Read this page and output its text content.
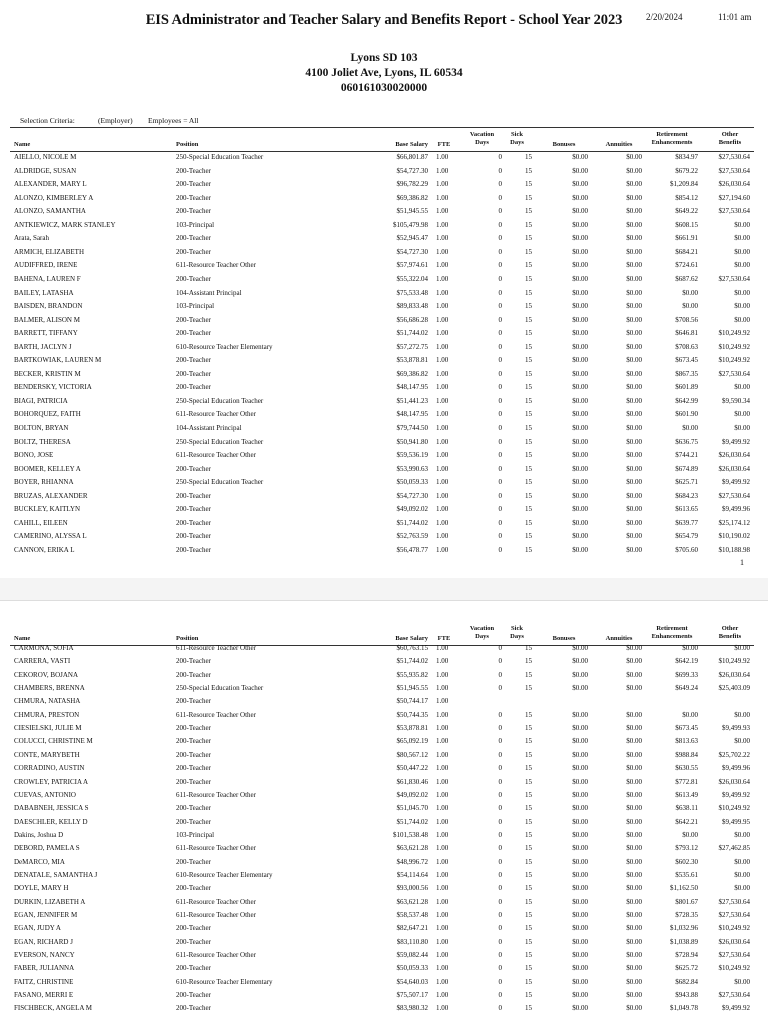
EIS Administrator and Teacher Salary and Benefits Report - School Year 2023	2/20/2024	11:01 am
Lyons SD 103
4100 Joliet Ave, Lyons, IL 60534
060161030020000
Selection Criteria:	(Employer) Employees = All
Name	Position	Base Salary	FTE
Vacation Days
Sick Days	Bonuses	Annuities
Retirement Enhancements
Other Benefits
AIELLO, NICOLE M	250-Special Education Teacher	$66,801.87 1.00	0	15	$0.00	$0.00	$834.97	$27,530.64
ALDRIDGE, SUSAN	200-Teacher	$54,727.30 1.00	0	15	$0.00	$0.00	$679.22	$27,530.64
ALEXANDER, MARY L	200-Teacher	$96,782.29 1.00	0	15	$0.00	$0.00	$1,209.84	$26,030.64
ALONZO, KIMBERLEY A	200-Teacher	$69,386.82 1.00	0	15	$0.00	$0.00	$854.12	$27,194.60
ALONZO, SAMANTHA	200-Teacher	$51,945.55 1.00	0	15	$0.00	$0.00	$649.22	$27,530.64
ANTKIEWICZ, MARK STANLEY	103-Principal	$105,479.98 1.00	0	15	$0.00	$0.00	$608.15	$0.00
Arata, Sarah	200-Teacher	$52,945.47 1.00	0	15	$0.00	$0.00	$661.91	$0.00
ARMICH, ELIZABETH	200-Teacher	$54,727.30 1.00	0	15	$0.00	$0.00	$684.21	$0.00
AUDIFFRED, IRENE	611-Resource Teacher Other	$57,974.61 1.00	0	15	$0.00	$0.00	$724.61	$0.00
BAHENA, LAUREN F	200-Teacher	$55,322.04 1.00	0	15	$0.00	$0.00	$687.62	$27,530.64
BAILEY, LATASHA	104-Assistant Principal	$75,533.48 1.00	0	15	$0.00	$0.00	$0.00	$0.00
BAISDEN, BRANDON	103-Principal	$89,833.48 1.00	0	15	$0.00	$0.00	$0.00	$0.00
BALMER, ALISON M	200-Teacher	$56,686.28 1.00	0	15	$0.00	$0.00	$708.56	$0.00
BARRETT, TIFFANY	200-Teacher	$51,744.02 1.00	0	15	$0.00	$0.00	$646.81	$10,249.92
BARTH, JACLYN J	610-Resource Teacher Elementary	$57,272.75 1.00	0	15	$0.00	$0.00	$708.63	$10,249.92
BARTKOWIAK, LAUREN M	200-Teacher	$53,878.81 1.00	0	15	$0.00	$0.00	$673.45	$10,249.92
BECKER, KRISTIN M	200-Teacher	$69,386.82 1.00	0	15	$0.00	$0.00	$867.35	$27,530.64
BENDERSKY, VICTORIA	200-Teacher	$48,147.95 1.00	0	15	$0.00	$0.00	$601.89	$0.00
BIAGI, PATRICIA	250-Special Education Teacher	$51,441.23 1.00	0	15	$0.00	$0.00	$642.99	$9,590.34
BOHORQUEZ, FAITH	611-Resource Teacher Other	$48,147.95 1.00	0	15	$0.00	$0.00	$601.90	$0.00
BOLTON, BRYAN	104-Assistant Principal	$79,744.50 1.00	0	15	$0.00	$0.00	$0.00	$0.00
BOLTZ, THERESA	250-Special Education Teacher	$50,941.80 1.00	0	15	$0.00	$0.00	$636.75	$9,499.92
BONO, JOSE	611-Resource Teacher Other	$59,536.19 1.00	0	15	$0.00	$0.00	$744.21	$26,030.64
BOOMER, KELLEY A	200-Teacher	$53,990.63 1.00	0	15	$0.00	$0.00	$674.89	$26,030.64
BOYER, RHIANNA	250-Special Education Teacher	$50,059.33 1.00	0	15	$0.00	$0.00	$625.71	$9,499.92
BRUZAS, ALEXANDER	200-Teacher	$54,727.30 1.00	0	15	$0.00	$0.00	$684.23	$27,530.64
BUCKLEY, KAITLYN	200-Teacher	$49,092.02 1.00	0	15	$0.00	$0.00	$613.65	$9,499.96
CAHILL, EILEEN	200-Teacher	$51,744.02 1.00	0	15	$0.00	$0.00	$639.77	$25,174.12
CAMERINO, ALYSSA L	200-Teacher	$52,763.59 1.00	0	15	$0.00	$0.00	$654.79	$10,190.02
CANNON, ERIKA L	200-Teacher	$56,478.77 1.00	0	15	$0.00	$0.00	$705.60	$10,188.98
1
Name	Position	Base Salary	FTE
Vacation Days
Sick Days	Bonuses	Annuities
Retirement Enhancements
Other Benefits
CARMONA, SOFIA	611-Resource Teacher Other	$60,763.15 1.00	0	15	$0.00	$0.00	$0.00	$0.00
CARRERA, VASTI	200-Teacher	$51,744.02 1.00	0	15	$0.00	$0.00	$642.19	$10,249.92
CEKOROV, BOJANA	200-Teacher	$55,935.82 1.00	0	15	$0.00	$0.00	$699.33	$26,030.64
CHAMBERS, BRENNA	250-Special Education Teacher	$51,945.55 1.00	0	15	$0.00	$0.00	$649.24	$25,403.09
CHMURA, NATASHA	200-Teacher	$50,744.17 1.00
CHMURA, PRESTON	611-Resource Teacher Other	$50,744.35 1.00	0	15	$0.00	$0.00	$0.00	$0.00
CIESIELSKI, JULIE M	200-Teacher	$53,878.81 1.00	0	15	$0.00	$0.00	$673.45	$9,499.93
COLUCCI, CHRISTINE M	200-Teacher	$65,092.19 1.00	0	15	$0.00	$0.00	$813.63	$0.00
CONTE, MARYBETH	200-Teacher	$80,567.12 1.00	0	15	$0.00	$0.00	$988.84	$25,702.22
CORRADINO, AUSTIN	200-Teacher	$50,447.22 1.00	0	15	$0.00	$0.00	$630.55	$9,499.96
CROWLEY, PATRICIA A	200-Teacher	$61,830.46 1.00	0	15	$0.00	$0.00	$772.81	$26,030.64
CUEVAS, ANTONIO	611-Resource Teacher Other	$49,092.02 1.00	0	15	$0.00	$0.00	$613.49	$9,499.92
DABABNEH, JESSICA S	200-Teacher	$51,045.70 1.00	0	15	$0.00	$0.00	$638.11	$10,249.92
DAESCHLER, KELLY D	200-Teacher	$51,744.02 1.00	0	15	$0.00	$0.00	$642.21	$9,499.95
Dakins, Joshua D	103-Principal	$101,538.48 1.00	0	15	$0.00	$0.00	$0.00	$0.00
DEBORD, PAMELA S	611-Resource Teacher Other	$63,621.28 1.00	0	15	$0.00	$0.00	$793.12	$27,462.85
DeMARCO, MIA	200-Teacher	$48,996.72 1.00	0	15	$0.00	$0.00	$602.30	$0.00
DENATALE, SAMANTHA J	610-Resource Teacher Elementary	$54,114.64 1.00	0	15	$0.00	$0.00	$535.61	$0.00
DOYLE, MARY H	200-Teacher	$93,000.56 1.00	0	15	$0.00	$0.00	$1,162.50	$0.00
DURKIN, LIZABETH A	611-Resource Teacher Other	$63,621.28 1.00	0	15	$0.00	$0.00	$801.67	$27,530.64
EGAN, JENNIFER M	611-Resource Teacher Other	$58,537.48 1.00	0	15	$0.00	$0.00	$728.35	$27,530.64
EGAN, JUDY A	200-Teacher	$82,647.21 1.00	0	15	$0.00	$0.00	$1,032.96	$10,249.92
EGAN, RICHARD J	200-Teacher	$83,110.80 1.00	0	15	$0.00	$0.00	$1,038.89	$26,030.64
EVERSON, NANCY	611-Resource Teacher Other	$59,082.44 1.00	0	15	$0.00	$0.00	$728.94	$27,530.64
FABER, JULIANNA	200-Teacher	$50,059.33 1.00	0	15	$0.00	$0.00	$625.72	$10,249.92
FAITZ, CHRISTINE	610-Resource Teacher Elementary	$54,640.03 1.00	0	15	$0.00	$0.00	$682.84	$0.00
FASANO, MERRI E	200-Teacher	$75,507.17 1.00	0	15	$0.00	$0.00	$943.88	$27,530.64
FISCHBECK, ANGELA M	200-Teacher	$83,980.32 1.00	0	15	$0.00	$0.00	$1,049.78	$9,499.92
